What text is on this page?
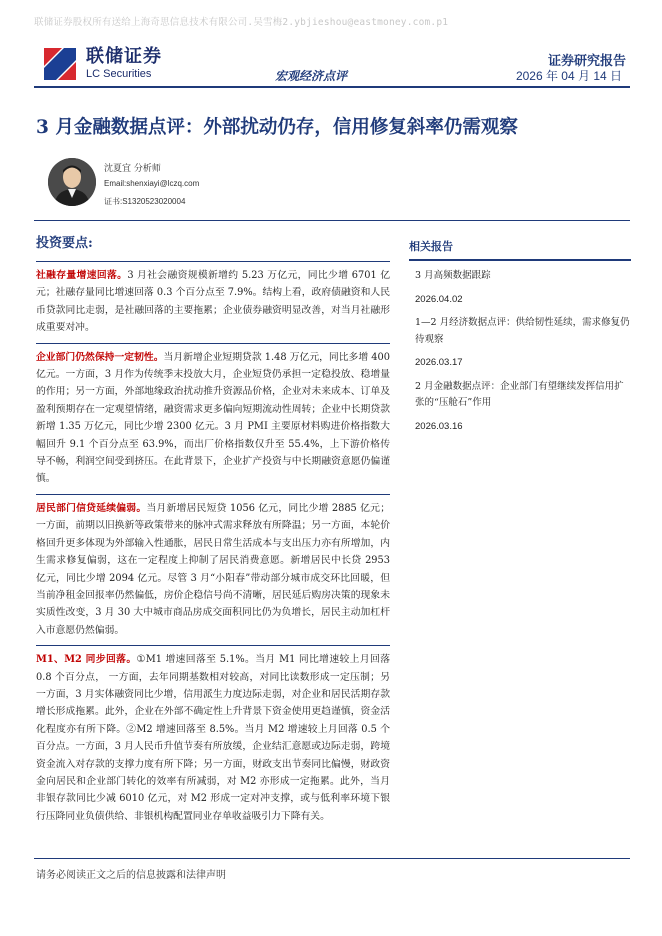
联储证券股权所有送给上海奇思信息技术有限公司.吴雪梅2.ybjieshou@eastmoney.com.p1
联储证券
LC Securities	宏观经济点评
证券研究报告
2026 年 04 月 14 日
3 月金融数据点评：外部扰动仍存，信用修复斜率仍需观察
沈夏宜 分析师
Email:shenxiayi@lczq.com
证书:S1320523020004
投资要点:

社融存量增速回落。3 月社会融资规模新增约 5.23 万亿元，同比少增 6701 亿元；社融存量同比增速回落 0.3 个百分点至 7.9%。结构上看，政府债融资和人民币贷款同比走弱，是社融回落的主要拖累；企业债券融资明显改善，对当月社融形成重要对冲。

企业部门仍然保持一定韧性。当月新增企业短期贷款 1.48 万亿元，同比多增 400 亿元。一方面，3 月作为传统季末投放大月，企业短贷仍承担一定稳投放、稳增量的作用；另一方面，外部地缘政治扰动推升资源品价格，企业对未来成本、订单及盈利预期存在一定观望情绪，融资需求更多偏向短期流动性周转；企业中长期贷款新增 1.35 万亿元，同比少增 2300 亿元。3 月 PMI 主要原材料购进价格指数大幅回升 9.1 个百分点至 63.9%，而出厂价格指数仅升至 55.4%，上下游价格传导不畅，利润空间受到挤压。在此背景下，企业扩产投资与中长期融资意愿仍偏谨慎。

居民部门信贷延续偏弱。当月新增居民短贷 1056 亿元，同比少增 2885 亿元；一方面，前期以旧换新等政策带来的脉冲式需求释放有所降温；另一方面，本轮价格回升更多体现为外部输入性通胀，居民日常生活成本与支出压力亦有所增加，内生需求修复偏弱，这在一定程度上抑制了居民消费意愿。新增居民中长贷 2953 亿元，同比少增 2094 亿元。尽管 3 月“小阳春”带动部分城市成交环比回暖，但当前净租金回报率仍然偏低，房价企稳信号尚不清晰，居民延后购房决策的现象未实质性改变，3 月 30 大中城市商品房成交面积同比仍为负增长，居民主动加杠杆入市意愿仍然偏弱。

M1、M2 同步回落。①M1 增速回落至 5.1%。当月 M1 同比增速较上月回落 0.8 个百分点， 一方面，去年同期基数相对较高，对同比读数形成一定压制；另一方面，3 月实体融资同比少增，信用派生力度边际走弱，对企业和居民活期存款增长形成拖累。此外，企业在外部不确定性上升背景下资金使用更趋谨慎，资金活化程度亦有所下降。②M2 增速回落至 8.5%。当月 M2 增速较上月回落 0.5 个百分点。一方面，3 月人民币升值节奏有所放缓，企业结汇意愿或边际走弱，跨境资金流入对存款的支撑力度有所下降；另一方面，财政支出节奏同比偏慢，财政资金向居民和企业部门转化的效率有所减弱，对 M2 亦形成一定拖累。此外，当月非银存款同比少减 6010 亿元，对 M2 形成一定对冲支撑，或与低利率环境下银行压降同业负债供给、非银机构配置同业存单收益吸引力下降有关。

相关报告
3 月高频数据跟踪
2026.04.02
1—2 月经济数据点评：供给韧性延续，需求修复仍待观察
2026.03.17
2 月金融数据点评：企业部门有望继续发挥信用扩张的“压舱石”作用
2026.03.16
请务必阅读正文之后的信息披露和法律声明
